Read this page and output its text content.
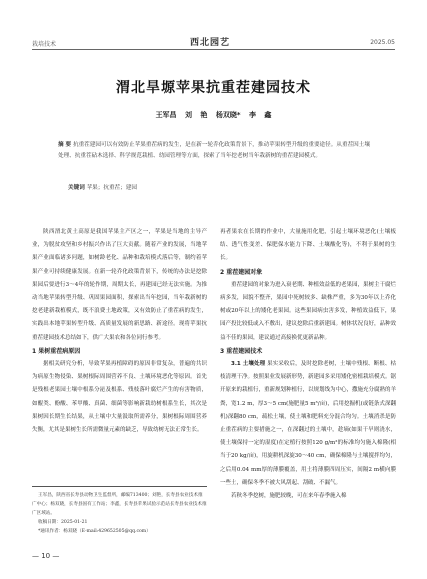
栽培技术	西北园艺	2025.05
渭北旱塬苹果抗重茬建园技术
王军昌 刘 艳 杨双晓* 李 鑫
摘 要 抗重茬建园可以有效防止苹果重茬病的发生，是在新一轮乔化政策背景下，推动苹果转型升级的重要途径。从重茬因土壤处理、抗重茬砧木选择、科学规范栽植、幼园管理等方面，探索了当年挖老树当年栽新树的重茬建园模式。
关键词 苹果；抗重茬；建园

陕西渭北黄土高原是我国苹果主产区之一，苹果是当地的主导产业，为脱贫攻坚和乡村振兴作出了巨大贡献。随着产业的发展，当地苹果产业面临诸多问题，如树龄老化、品种和栽培模式落后等，制约着苹果产业可持续健康发展。在新一轮乔化政策背景下，传统的办法是挖除果园后要进行3～4年的轮作期，周期太长，再建园已经无法实施。为推动当地苹果转型升级、巩固果园面积，探索出当年挖园，当年栽新树的挖老建新栽植模式，既不浪费土地政策，又有效防止了重茬病的发生，实践出本地苹果转型升级、高质量发展的新思路、新途径。现将苹果抗重茬建园技术总结如下，供广大果农和各位同行参考。

1 果树重茬病原因

据相关研究分析，导致苹果再植障碍的原因非常复杂，普遍的共识为病原生物侵染、果树根际周围营养不良、土壤环境恶化等原因。首先是残根老果园土壤中根系分泌及根系、残枝落叶腐烂产生的有害物质，如醌类、酚酸、苯甲酸、真菌、细菌等影响新栽幼树根系生长，其次是果树因长期生长结果，从土壤中大量汲取所需养分，果树根际周围营养失衡，尤其是果树生长所需微量元素的缺乏，导致幼树无法正常生长。

再者果农在长期的作业中，大量施用化肥，引起土壤环境恶化(土壤板结、透气性变差、保肥保水能力下降、土壤酸化等)，不利于果树的生长。

2 重茬建园对象

重茬建园的对象为进入衰老期、种植效益低的老果园，果树主干腐烂病多发，园貌不整齐，果园中死树较多、缺株严重，多为30年以上乔化树或20年以上的矮化老果园。这些果园病虫害多发，种植效益低下，果园产投比较低或入不敷出，建议挖除后重新建园。树体状况良好，品种效益不佳的果园，建议通过高接换优更新品种。

3 重茬建园技术

3.1 土壤处理 果实采收后，及时挖除老树，土壤中残根、断根、枯枝清理干净。按照果业发展新形势，新建园多采用矮化密植栽培模式。锯开原来的栽植行，重新规划种植行，以规划线为中心，撒施充分腐熟的羊粪，宽1.2 m，厚3～5 cm(施肥量5 m³/亩)，后用挖掘机(或链条式深翻机)深翻80 cm，疏松土壤，使土壤和肥料充分混合均匀。土壤消杀是防止重茬病的主要措施之一，在深翻过的土壤中，趁墒(如果干旱则浇水，使土壤保持一定的湿度)在定植行按照120 g/m²的标准均匀施入棉隆(相当于20 kg/亩)，用旋耕机深旋30～40 cm，确保棉隆与土壤搅拌均匀，之后用0.04 mm厚的薄膜覆盖，用土将薄膜四周压实，间隔2 m横向膜一些土，确保冬季不被大风刮起、刮破、不漏气。

若秋冬季挖树，施肥较晚，可在来年春季施入棉

王军昌，陕西省长寿县动物卫生监督所，邮编713400；刘艳，长寿县农业技术推广中心；杨双晓，长寿县国有工作站；李鑫，长寿县苹果试验示范站长寿县农业技术推广区域站。

收稿日期：2025-01-21

*通讯作者：杨双晓（E-mail:429652505@qq.com）

— 10 —
